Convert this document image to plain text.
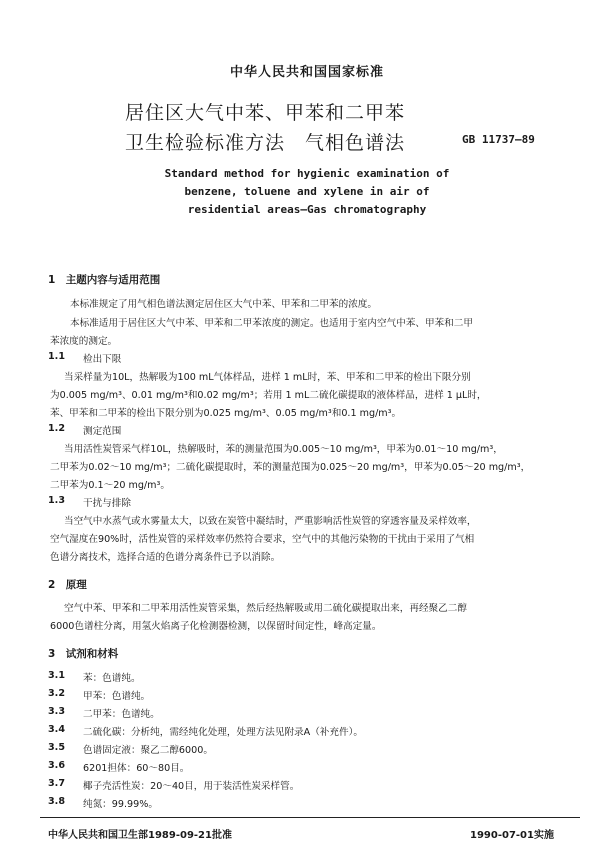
中华人民共和国国家标准
居住区大气中苯、甲苯和二甲苯
卫生检验标准方法　气相色谱法	GB 11737—89
Standard method for hygienic examination of
benzene, toluene and xylene in air of
residential areas—Gas chromatography
1　主题内容与适用范围
本标准规定了用气相色谱法测定居住区大气中苯、甲苯和二甲苯的浓度。
本标准适用于居住区大气中苯、甲苯和二甲苯浓度的测定。也适用于室内空气中苯、甲苯和二甲
苯浓度的测定。
1.1 检出下限
当采样量为10L，热解吸为100 mL气体样品，进样 1 mL时，苯、甲苯和二甲苯的检出下限分别
为0.005 mg/m³、0.01 mg/m³和0.02 mg/m³；若用 1 mL二硫化碳提取的液体样品，进样 1 μL时，
苯、甲苯和二甲苯的检出下限分别为0.025 mg/m³、0.05 mg/m³和0.1 mg/m³。
1.2 测定范围
当用活性炭管采气样10L，热解吸时，苯的测量范围为0.005～10 mg/m³，甲苯为0.01～10 mg/m³，
二甲苯为0.02～10 mg/m³；二硫化碳提取时，苯的测量范围为0.025～20 mg/m³，甲苯为0.05～20 mg/m³，
二甲苯为0.1～20 mg/m³。
1.3 干扰与排除
当空气中水蒸气或水雾量太大，以致在炭管中凝结时，严重影响活性炭管的穿透容量及采样效率，
空气湿度在90%时，活性炭管的采样效率仍然符合要求，空气中的其他污染物的干扰由于采用了气相
色谱分离技术，选择合适的色谱分离条件已予以消除。
2　原理
空气中苯、甲苯和二甲苯用活性炭管采集，然后经热解吸或用二硫化碳提取出来，再经聚乙二醇
6000色谱柱分离，用氢火焰离子化检测器检测，以保留时间定性，峰高定量。
3　试剂和材料
3.1 苯：色谱纯。
3.2 甲苯：色谱纯。
3.3 二甲苯：色谱纯。
3.4 二硫化碳：分析纯，需经纯化处理，处理方法见附录A（补充件）。
3.5 色谱固定液：聚乙二醇6000。
3.6 6201担体：60～80目。
3.7 椰子壳活性炭：20～40目，用于装活性炭采样管。
3.8 纯氮：99.99%。
中华人民共和国卫生部1989-09-21批准	1990-07-01实施
